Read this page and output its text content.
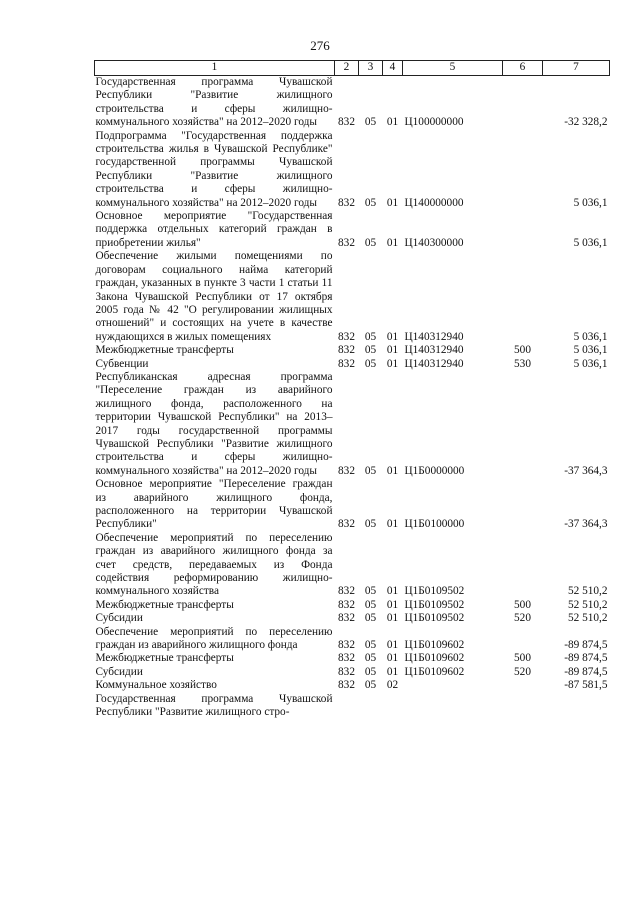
276
1	2	3	4	5	6	7
Государственная программа Чувашской Республики "Развитие жилищного строительства и сферы жилищно-коммунального хозяйства" на 2012–2020 годы	832	05	01	Ц100000000		-32 328,2
Подпрограмма "Государственная поддержка строительства жилья в Чувашской Республике" государственной программы Чувашской Республики "Развитие жилищного строительства и сферы жилищно-коммунального хозяйства" на 2012–2020 годы	832	05	01	Ц140000000		5 036,1
Основное мероприятие "Государственная поддержка отдельных категорий граждан в приобретении жилья"	832	05	01	Ц140300000		5 036,1
Обеспечение жилыми помещениями по договорам социального найма категорий граждан, указанных в пункте 3 части 1 статьи 11 Закона Чувашской Республики от 17 октября 2005 года № 42 "О регулировании жилищных отношений" и состоящих на учете в качестве нуждающихся в жилых помещениях	832	05	01	Ц140312940		5 036,1
Межбюджетные трансферты	832	05	01	Ц140312940	500	5 036,1
Субвенции	832	05	01	Ц140312940	530	5 036,1
Республиканская адресная программа "Переселение граждан из аварийного жилищного фонда, расположенного на территории Чувашской Республики" на 2013–2017 годы государственной программы Чувашской Республики "Развитие жилищного строительства и сферы жилищно-коммунального хозяйства" на 2012–2020 годы	832	05	01	Ц1Б0000000		-37 364,3
Основное мероприятие "Переселение граждан из аварийного жилищного фонда, расположенного на территории Чувашской Республики"	832	05	01	Ц1Б0100000		-37 364,3
Обеспечение мероприятий по переселению граждан из аварийного жилищного фонда за счет средств, передаваемых из Фонда содействия реформированию жилищно-коммунального хозяйства	832	05	01	Ц1Б0109502		52 510,2
Межбюджетные трансферты	832	05	01	Ц1Б0109502	500	52 510,2
Субсидии	832	05	01	Ц1Б0109502	520	52 510,2
Обеспечение мероприятий по переселению граждан из аварийного жилищного фонда	832	05	01	Ц1Б0109602		-89 874,5
Межбюджетные трансферты	832	05	01	Ц1Б0109602	500	-89 874,5
Субсидии	832	05	01	Ц1Б0109602	520	-89 874,5
Коммунальное хозяйство	832	05	02			-87 581,5
Государственная программа Чувашской Республики "Развитие жилищного стро-						
